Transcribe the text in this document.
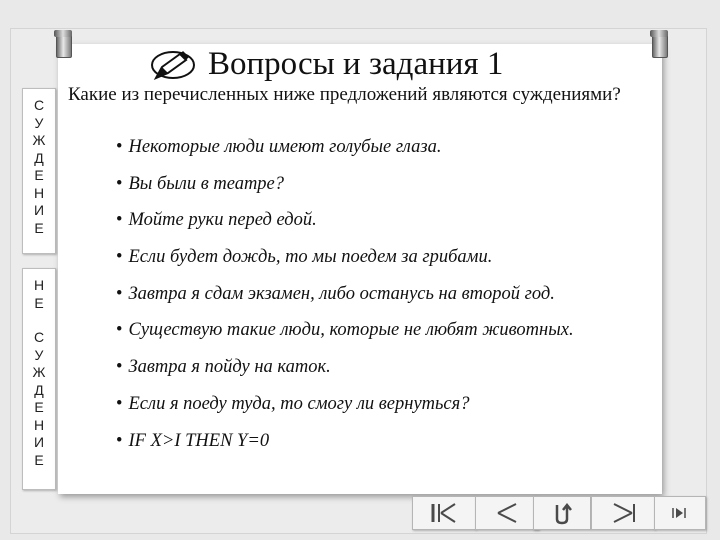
С
У
Ж
Д
Е
Н
И
Е
Н
Е
С
У
Ж
Д
Е
Н
И
Е
Вопросы и задания 1
Какие из перечисленных ниже предложений являются суждениями?
• Некоторые люди имеют голубые глаза.
• Вы были в театре?
• Мойте руки перед едой.
• Если будет дождь, то мы поедем за грибами.
• Завтра я сдам экзамен, либо останусь на второй год.
• Существую такие люди, которые не любят животных.
• Завтра я пойду на каток.
• Если я поеду туда, то смогу ли вернуться?
• IF X>I THEN Y=0
